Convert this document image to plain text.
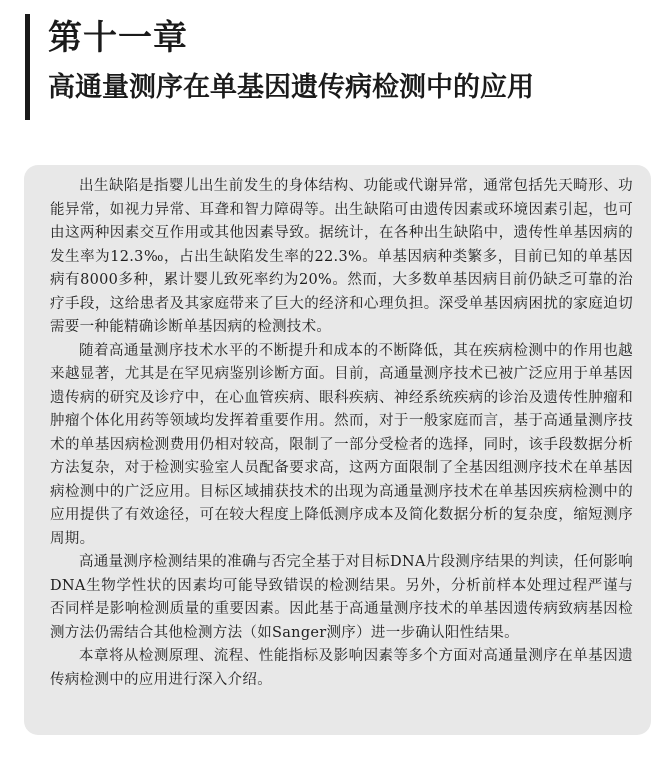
第十一章
高通量测序在单基因遗传病检测中的应用

出生缺陷是指婴儿出生前发生的身体结构、功能或代谢异常，通常包括先天畸形、功能异常，如视力异常、耳聋和智力障碍等。出生缺陷可由遗传因素或环境因素引起，也可由这两种因素交互作用或其他因素导致。据统计，在各种出生缺陷中，遗传性单基因病的发生率为12.3‰，占出生缺陷发生率的22.3%。单基因病种类繁多，目前已知的单基因病有8000多种，累计婴儿致死率约为20%。然而，大多数单基因病目前仍缺乏可靠的治疗手段，这给患者及其家庭带来了巨大的经济和心理负担。深受单基因病困扰的家庭迫切需要一种能精确诊断单基因病的检测技术。

随着高通量测序技术水平的不断提升和成本的不断降低，其在疾病检测中的作用也越来越显著，尤其是在罕见病鉴别诊断方面。目前，高通量测序技术已被广泛应用于单基因遗传病的研究及诊疗中，在心血管疾病、眼科疾病、神经系统疾病的诊治及遗传性肿瘤和肿瘤个体化用药等领域均发挥着重要作用。然而，对于一般家庭而言，基于高通量测序技术的单基因病检测费用仍相对较高，限制了一部分受检者的选择，同时，该手段数据分析方法复杂，对于检测实验室人员配备要求高，这两方面限制了全基因组测序技术在单基因病检测中的广泛应用。目标区域捕获技术的出现为高通量测序技术在单基因疾病检测中的应用提供了有效途径，可在较大程度上降低测序成本及简化数据分析的复杂度，缩短测序周期。

高通量测序检测结果的准确与否完全基于对目标DNA片段测序结果的判读，任何影响DNA生物学性状的因素均可能导致错误的检测结果。另外，分析前样本处理过程严谨与否同样是影响检测质量的重要因素。因此基于高通量测序技术的单基因遗传病致病基因检测方法仍需结合其他检测方法（如Sanger测序）进一步确认阳性结果。

本章将从检测原理、流程、性能指标及影响因素等多个方面对高通量测序在单基因遗传病检测中的应用进行深入介绍。
